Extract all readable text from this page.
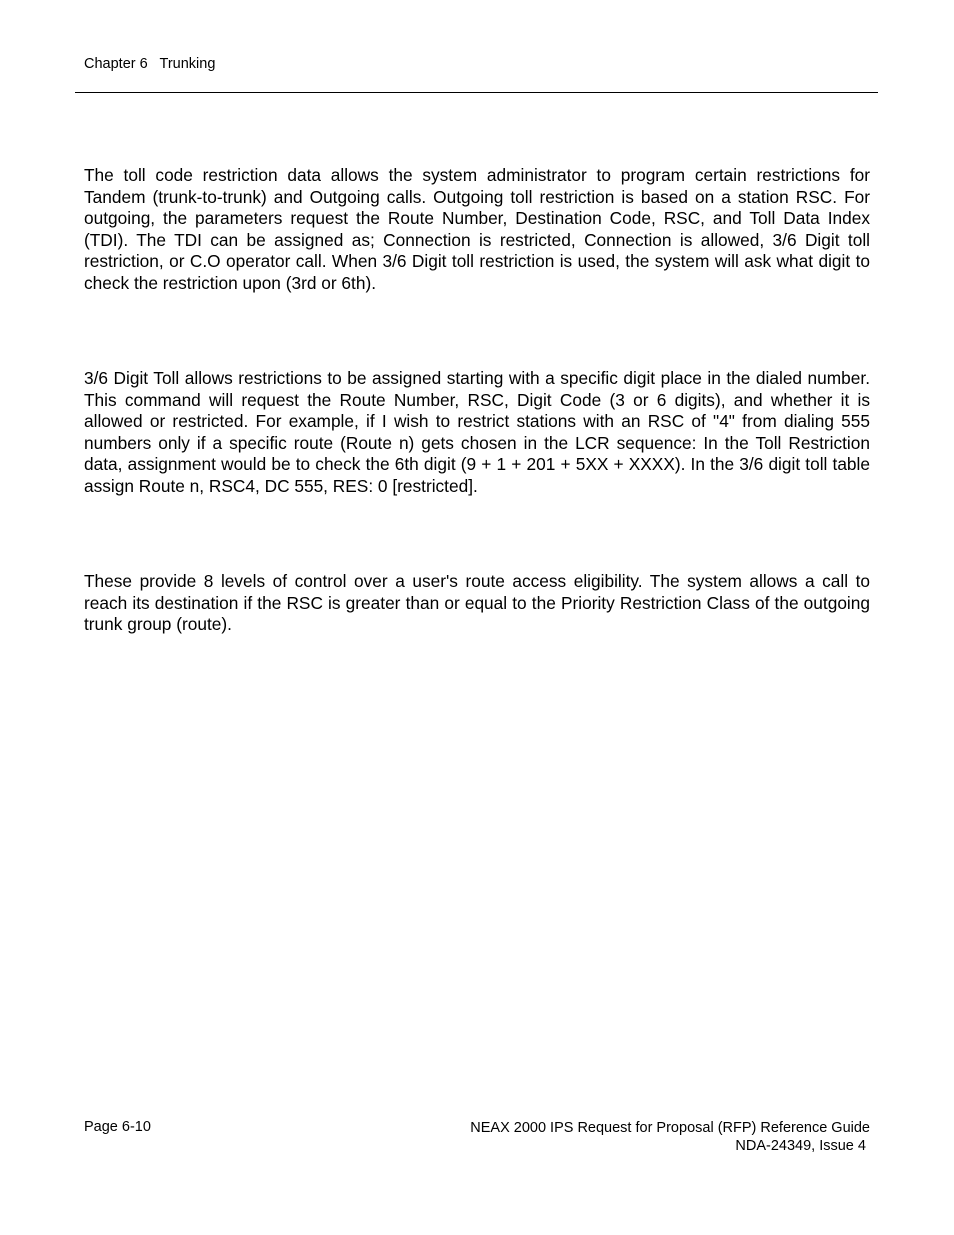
Chapter 6   Trunking

The toll code restriction data allows the system administrator to program certain restrictions for Tandem (trunk-to-trunk) and Outgoing calls. Outgoing toll restriction is based on a station RSC. For outgoing, the parameters request the Route Number, Destination Code, RSC, and Toll Data Index (TDI). The TDI can be assigned as; Connection is restricted, Connection is allowed, 3/6 Digit toll restriction, or C.O operator call. When 3/6 Digit toll restriction is used, the system will ask what digit to check the restriction upon (3rd or 6th).

3/6 Digit Toll allows restrictions to be assigned starting with a specific digit place in the dialed number. This command will request the Route Number, RSC, Digit Code (3 or 6 digits), and whether it is allowed or restricted. For example, if I wish to restrict stations with an RSC of "4" from dialing 555 numbers only if a specific route (Route n) gets chosen in the LCR sequence: In the Toll Restriction data, assignment would be to check the 6th digit (9 + 1 + 201 + 5XX + XXXX). In the 3/6 digit toll table assign Route n, RSC4, DC 555, RES: 0 [restricted].

These provide 8 levels of control over a user's route access eligibility. The system allows a call to reach its destination if the RSC is greater than or equal to the Priority Restriction Class of the outgoing trunk group (route).

Page 6-10	NEAX 2000 IPS Request for Proposal (RFP) Reference Guide
NDA-24349, Issue 4
